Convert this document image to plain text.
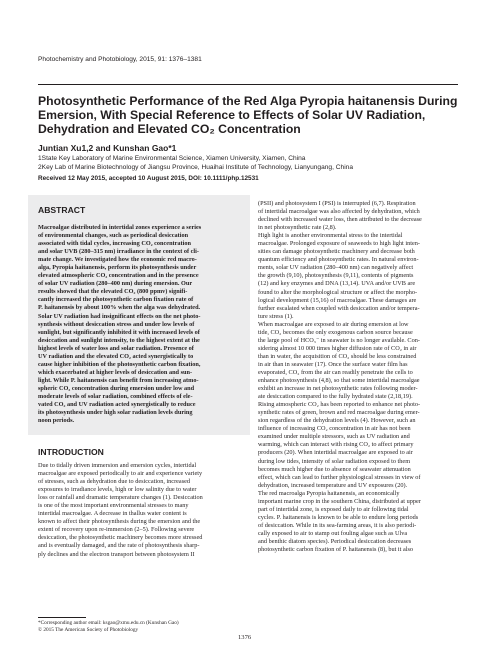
Photochemistry and Photobiology, 2015, 91: 1376–1381
Photosynthetic Performance of the Red Alga Pyropia haitanensis During
Emersion, With Special Reference to Effects of Solar UV Radiation,
Dehydration and Elevated CO₂ Concentration
Juntian Xu1,2 and Kunshan Gao*1
1State Key Laboratory of Marine Environmental Science, Xiamen University, Xiamen, China
2Key Lab of Marine Biotechnology of Jiangsu Province, Huaihai Institute of Technology, Lianyungang, China
Received 12 May 2015, accepted 10 August 2015, DOI: 10.1111/php.12531
ABSTRACT
Macroalgae distributed in intertidal zones experience a series
of environmental changes, such as periodical desiccation
associated with tidal cycles, increasing CO₂ concentration
and solar UVB (280–315 nm) irradiance in the context of cli-
mate change. We investigated how the economic red macro-
alga, Pyropia haitanensis, perform its photosynthesis under
elevated atmospheric CO₂ concentration and in the presence
of solar UV radiation (280–400 nm) during emersion. Our
results showed that the elevated CO₂ (800 ppmv) signifi-
cantly increased the photosynthetic carbon fixation rate of
P. haitanensis by about 100% when the alga was dehydrated.
Solar UV radiation had insignificant effects on the net photo-
synthesis without desiccation stress and under low levels of
sunlight, but significantly inhibited it with increased levels of
desiccation and sunlight intensity, to the highest extent at the
highest levels of water loss and solar radiation. Presence of
UV radiation and the elevated CO₂ acted synergistically to
cause higher inhibition of the photosynthetic carbon fixation,
which exacerbated at higher levels of desiccation and sun-
light. While P. haitanensis can benefit from increasing atmo-
spheric CO₂ concentration during emersion under low and
moderate levels of solar radiation, combined effects of ele-
vated CO₂ and UV radiation acted synergistically to reduce
its photosynthesis under high solar radiation levels during
noon periods.
INTRODUCTION
Due to tidally driven immersion and emersion cycles, intertidal
macroalgae are exposed periodically to air and experience variety
of stresses, such as dehydration due to desiccation, increased
exposures to irradiance levels, high or low salinity due to water
loss or rainfall and dramatic temperature changes (1). Desiccation
is one of the most important environmental stresses to many
intertidal macroalgae. A decrease in thallus water content is
known to affect their photosynthesis during the emersion and the
extent of recovery upon re-immersion (2–5). Following severe
desiccation, the photosynthetic machinery becomes more stressed
and is eventually damaged, and the rate of photosynthesis sharp-
ply declines and the electron transport between photosystem II
(PSII) and photosystem I (PSI) is interrupted (6,7). Respiration
of intertidal macroalgae was also affected by dehydration, which
declined with increased water loss, then attributed to the decrease
in net photosynthetic rate (2,8).
High light is another environmental stress to the intertidal
macroalgae. Prolonged exposure of seaweeds to high light inten-
sities can damage photosynthetic machinery and decrease both
quantum efficiency and photosynthetic rates. In natural environ-
ments, solar UV radiation (280–400 nm) can negatively affect
the growth (9,10), photosynthesis (9,11), contents of pigments
(12) and key enzymes and DNA (13,14). UVA and/or UVB are
found to alter the morphological structure or affect the morpho-
logical development (15,16) of macroalgae. These damages are
further escalated when coupled with desiccation and/or tempera-
ture stress (1).
When macroalgae are exposed to air during emersion at low
tide, CO₂ becomes the only exogenous carbon source because
the large pool of HCO₃⁻ in seawater is no longer available. Con-
sidering almost 10 000 times higher diffusion rate of CO₂ in air
than in water, the acquisition of CO₂ should be less constrained
in air than in seawater (17). Once the surface water film has
evaporated, CO₂ from the air can readily penetrate the cells to
enhance photosynthesis (4,8), so that some intertidal macroalgae
exhibit an increase in net photosynthetic rates following moder-
ate desiccation compared to the fully hydrated state (2,18,19).
Rising atmospheric CO₂ has been reported to enhance net photo-
synthetic rates of green, brown and red macroalgae during emer-
sion regardless of the dehydration levels (4). However, such an
influence of increasing CO₂ concentration in air has not been
examined under multiple stressors, such as UV radiation and
warming, which can interact with rising CO₂ to affect primary
producers (20). When intertidal macroalgae are exposed to air
during low tides, intensity of solar radiation exposed to them
becomes much higher due to absence of seawater attenuation
effect, which can lead to further physiological stresses in view of
dehydration, increased temperature and UV exposures (20).
The red macroalga Pyropia haitanensis, an economically
important marine crop in the southern China, distributed at upper
part of intertidal zone, is exposed daily to air following tidal
cycles. P. haitanensis is known to be able to endure long periods
of desiccation. While in its sea-farming areas, it is also periodi-
cally exposed to air to stamp out fouling algae such as Ulva
and benthic diatom species). Periodical desiccation decreases
photosynthetic carbon fixation of P. haitanensis (8), but it also
*Corresponding author email: ksgao@xmu.edu.cn (Kunshan Gao)
© 2015 The American Society of Photobiology
1376
